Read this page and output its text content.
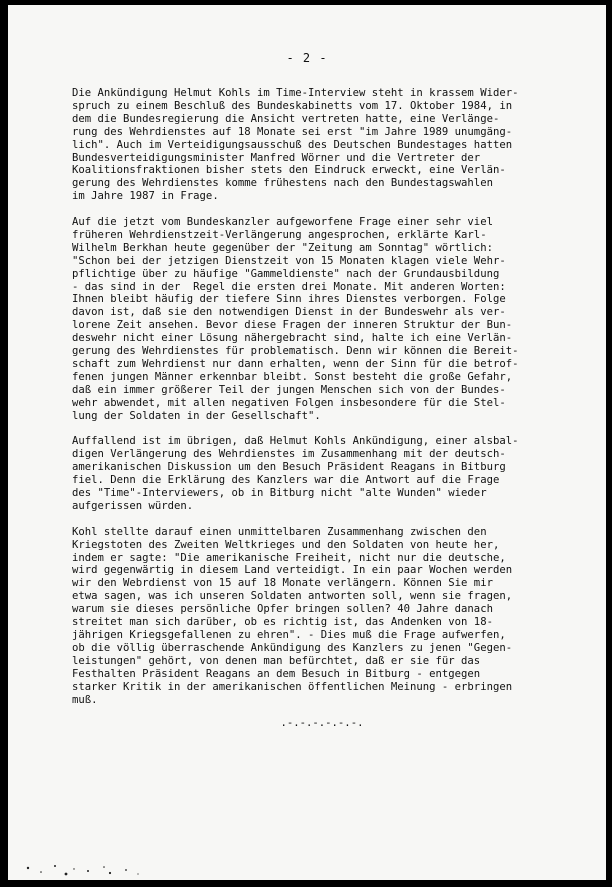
- 2 -
Die Ankündigung Helmut Kohls im Time-Interview steht in krassem Wider-
spruch zu einem Beschluß des Bundeskabinetts vom 17. Oktober 1984, in
dem die Bundesregierung die Ansicht vertreten hatte, eine Verlänge-
rung des Wehrdienstes auf 18 Monate sei erst "im Jahre 1989 unumgäng-
lich". Auch im Verteidigungsausschuß des Deutschen Bundestages hatten
Bundesverteidigungsminister Manfred Wörner und die Vertreter der
Koalitionsfraktionen bisher stets den Eindruck erweckt, eine Verlän-
gerung des Wehrdienstes komme frühestens nach den Bundestagswahlen
im Jahre 1987 in Frage.
Auf die jetzt vom Bundeskanzler aufgeworfene Frage einer sehr viel
früheren Wehrdienstzeit-Verlängerung angesprochen, erklärte Karl-
Wilhelm Berkhan heute gegenüber der "Zeitung am Sonntag" wörtlich:
"Schon bei der jetzigen Dienstzeit von 15 Monaten klagen viele Wehr-
pflichtige über zu häufige "Gammeldienste" nach der Grundausbildung
- das sind in der  Regel die ersten drei Monate. Mit anderen Worten:
Ihnen bleibt häufig der tiefere Sinn ihres Dienstes verborgen. Folge
davon ist, daß sie den notwendigen Dienst in der Bundeswehr als ver-
lorene Zeit ansehen. Bevor diese Fragen der inneren Struktur der Bun-
deswehr nicht einer Lösung nähergebracht sind, halte ich eine Verlän-
gerung des Wehrdienstes für problematisch. Denn wir können die Bereit-
schaft zum Wehrdienst nur dann erhalten, wenn der Sinn für die betrof-
fenen jungen Männer erkennbar bleibt. Sonst besteht die große Gefahr,
daß ein immer größerer Teil der jungen Menschen sich von der Bundes-
wehr abwendet, mit allen negativen Folgen insbesondere für die Stel-
lung der Soldaten in der Gesellschaft".
Auffallend ist im übrigen, daß Helmut Kohls Ankündigung, einer alsbal-
digen Verlängerung des Wehrdienstes im Zusammenhang mit der deutsch-
amerikanischen Diskussion um den Besuch Präsident Reagans in Bitburg
fiel. Denn die Erklärung des Kanzlers war die Antwort auf die Frage
des "Time"-Interviewers, ob in Bitburg nicht "alte Wunden" wieder
aufgerissen würden.
Kohl stellte darauf einen unmittelbaren Zusammenhang zwischen den
Kriegstoten des Zweiten Weltkrieges und den Soldaten von heute her,
indem er sagte: "Die amerikanische Freiheit, nicht nur die deutsche,
wird gegenwärtig in diesem Land verteidigt. In ein paar Wochen werden
wir den Webrdienst von 15 auf 18 Monate verlängern. Können Sie mir
etwa sagen, was ich unseren Soldaten antworten soll, wenn sie fragen,
warum sie dieses persönliche Opfer bringen sollen? 40 Jahre danach
streitet man sich darüber, ob es richtig ist, das Andenken von 18-
jährigen Kriegsgefallenen zu ehren". - Dies muß die Frage aufwerfen,
ob die völlig überraschende Ankündigung des Kanzlers zu jenen "Gegen-
leistungen" gehört, von denen man befürchtet, daß er sie für das
Festhalten Präsident Reagans an dem Besuch in Bitburg - entgegen
starker Kritik in der amerikanischen öffentlichen Meinung - erbringen
muß.
.-.-.-.-.-.-.
